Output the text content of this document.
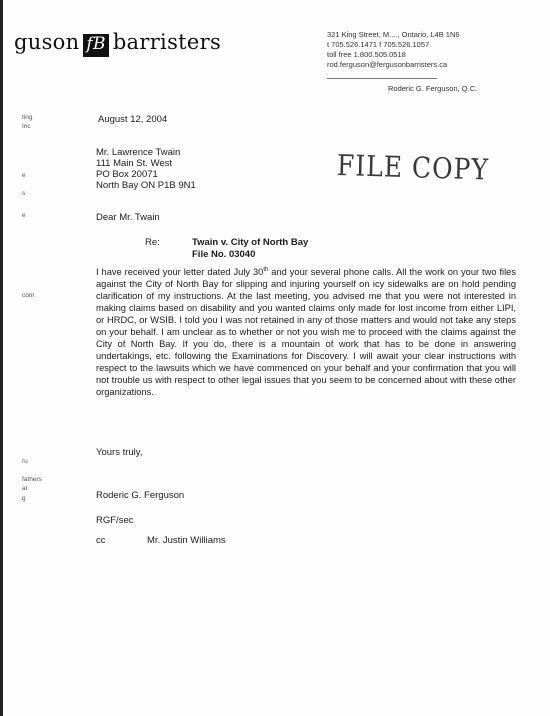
guson fB barristers	321 King Street, M...., Ontario, L4B 1N6
t 705.526.1471 f 705.526.1057
toll free 1.800.505.0518
rod.ferguson@fergusonbarristers.ca
Roderic G. Ferguson, Q.C.
ting
Inc
e
s
e
com
ru
fathers
ar
g
August 12, 2004
Mr. Lawrence Twain
111 Main St. West
PO Box 20071
North Bay ON P1B 9N1	FILE COPY
Dear Mr. Twain
Re:	Twain v. City of North Bay
File No. 03040
I have received your letter dated July 30th and your several phone calls. All the work on your two files against the City of North Bay for slipping and injuring yourself on icy sidewalks are on hold pending clarification of my instructions. At the last meeting, you advised me that you were not interested in making claims based on disability and you wanted claims only made for lost income from either LIPI, or HRDC, or WSIB. I told you I was not retained in any of those matters and would not take any steps on your behalf. I am unclear as to whether or not you wish me to proceed with the claims against the City of North Bay. If you do, there is a mountain of work that has to be done in answering undertakings, etc. following the Examinations for Discovery. I will await your clear instructions with respect to the lawsuits which we have commenced on your behalf and your confirmation that you will not trouble us with respect to other legal issues that you seem to be concerned about with these other organizations.
Yours truly,
Roderic G. Ferguson
RGF/sec
cc	Mr. Justin Williams
